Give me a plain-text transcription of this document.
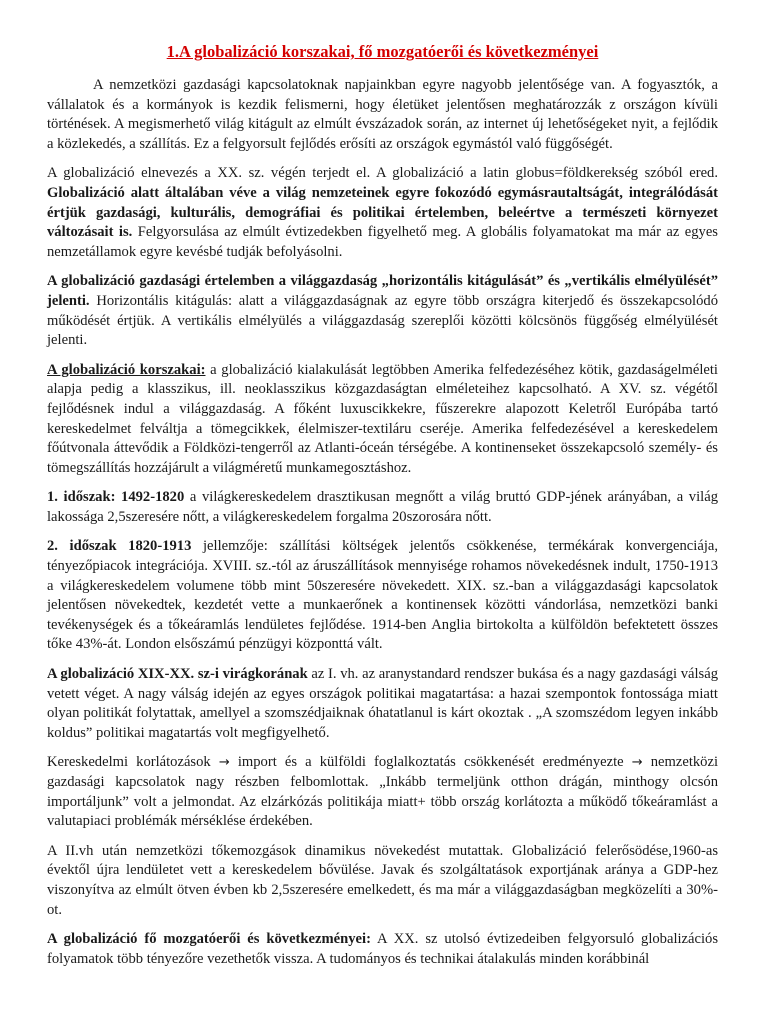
1.A globalizáció korszakai, fő mozgatóerői és következményei

A nemzetközi gazdasági kapcsolatoknak napjainkban egyre nagyobb jelentősége van. A fogyasztók, a vállalatok és a kormányok is kezdik felismerni, hogy életüket jelentősen meghatározzák z országon kívüli történések. A megismerhető világ kitágult az elmúlt évszázadok során, az internet új lehetőségeket nyit, a fejlődik a közlekedés, a szállítás. Ez a felgyorsult fejlődés erősíti az országok egymástól való függőségét.

A globalizáció elnevezés a XX. sz. végén terjedt el. A globalizáció a latin globus=földkerekség szóból ered. Globalizáció alatt általában véve a világ nemzeteinek egyre fokozódó egymásrautaltságát, integrálódását értjük gazdasági, kulturális, demográfiai és politikai értelemben, beleértve a természeti környezet változásait is. Felgyorsulása az elmúlt évtizedekben figyelhető meg. A globális folyamatokat ma már az egyes nemzetállamok egyre kevésbé tudják befolyásolni.

A globalizáció gazdasági értelemben a világgazdaság „horizontális kitágulását” és „vertikális elmélyülését” jelenti. Horizontális kitágulás: alatt a világgazdaságnak az egyre több országra kiterjedő és összekapcsolódó működését értjük. A vertikális elmélyülés a világgazdaság szereplői közötti kölcsönös függőség elmélyülését jelenti.

A globalizáció korszakai: a globalizáció kialakulását legtöbben Amerika felfedezéséhez kötik, gazdaságelméleti alapja pedig a klasszikus, ill. neoklasszikus közgazdaságtan elméleteihez kapcsolható. A XV. sz. végétől fejlődésnek indul a világgazdaság. A főként luxuscikkekre, fűszerekre alapozott Keletről Európába tartó kereskedelmet felváltja a tömegcikkek, élelmiszer-textiláru cseréje. Amerika felfedezésével a kereskedelem főútvonala áttevődik a Földközi-tengerről az Atlanti-óceán térségébe. A kontinenseket összekapcsoló személy- és tömegszállítás hozzájárult a világméretű munkamegosztáshoz.

1. időszak: 1492-1820 a világkereskedelem drasztikusan megnőtt a világ bruttó GDP-jének arányában, a világ lakossága 2,5szeresére nőtt, a világkereskedelem forgalma 20szorosára nőtt.

2. időszak 1820-1913 jellemzője: szállítási költségek jelentős csökkenése, termékárak konvergenciája, tényezőpiacok integrációja. XVIII. sz.-tól az áruszállítások mennyisége rohamos növekedésnek indult, 1750-1913 a világkereskedelem volumene több mint 50szeresére növekedett. XIX. sz.-ban a világgazdasági kapcsolatok jelentősen növekedtek, kezdetét vette a munkaerőnek a kontinensek közötti vándorlása, nemzetközi banki tevékenységek és a tőkeáramlás lendületes fejlődése. 1914-ben Anglia birtokolta a külföldön befektetett összes tőke 43%-át. London elsőszámú pénzügyi központtá vált.

A globalizáció XIX-XX. sz-i virágkorának az I. vh. az aranystandard rendszer bukása és a nagy gazdasági válság vetett véget. A nagy válság idején az egyes országok politikai magatartása: a hazai szempontok fontossága miatt olyan politikát folytattak, amellyel a szomszédjaiknak óhatatlanul is kárt okoztak . „A szomszédom legyen inkább koldus” politikai magatartás volt megfigyelhető.

Kereskedelmi korlátozások → import és a külföldi foglalkoztatás csökkenését eredményezte → nemzetközi gazdasági kapcsolatok nagy részben felbomlottak. „Inkább termeljünk otthon drágán, minthogy olcsón importáljunk” volt a jelmondat. Az elzárkózás politikája miatt+ több ország korlátozta a működő tőkeáramlást a valutapiaci problémák mérséklése érdekében.

A II.vh után nemzetközi tőkemozgások dinamikus növekedést mutattak. Globalizáció felerősödése,1960-as évektől újra lendületet vett a kereskedelem bővülése. Javak és szolgáltatások exportjának aránya a GDP-hez viszonyítva az elmúlt ötven évben kb 2,5szeresére emelkedett, és ma már a világgazdaságban megközelíti a 30%-ot.

A globalizáció fő mozgatóerői és következményei: A XX. sz utolsó évtizedeiben felgyorsuló globalizációs folyamatok több tényezőre vezethetők vissza. A tudományos és technikai átalakulás minden korábbinál
